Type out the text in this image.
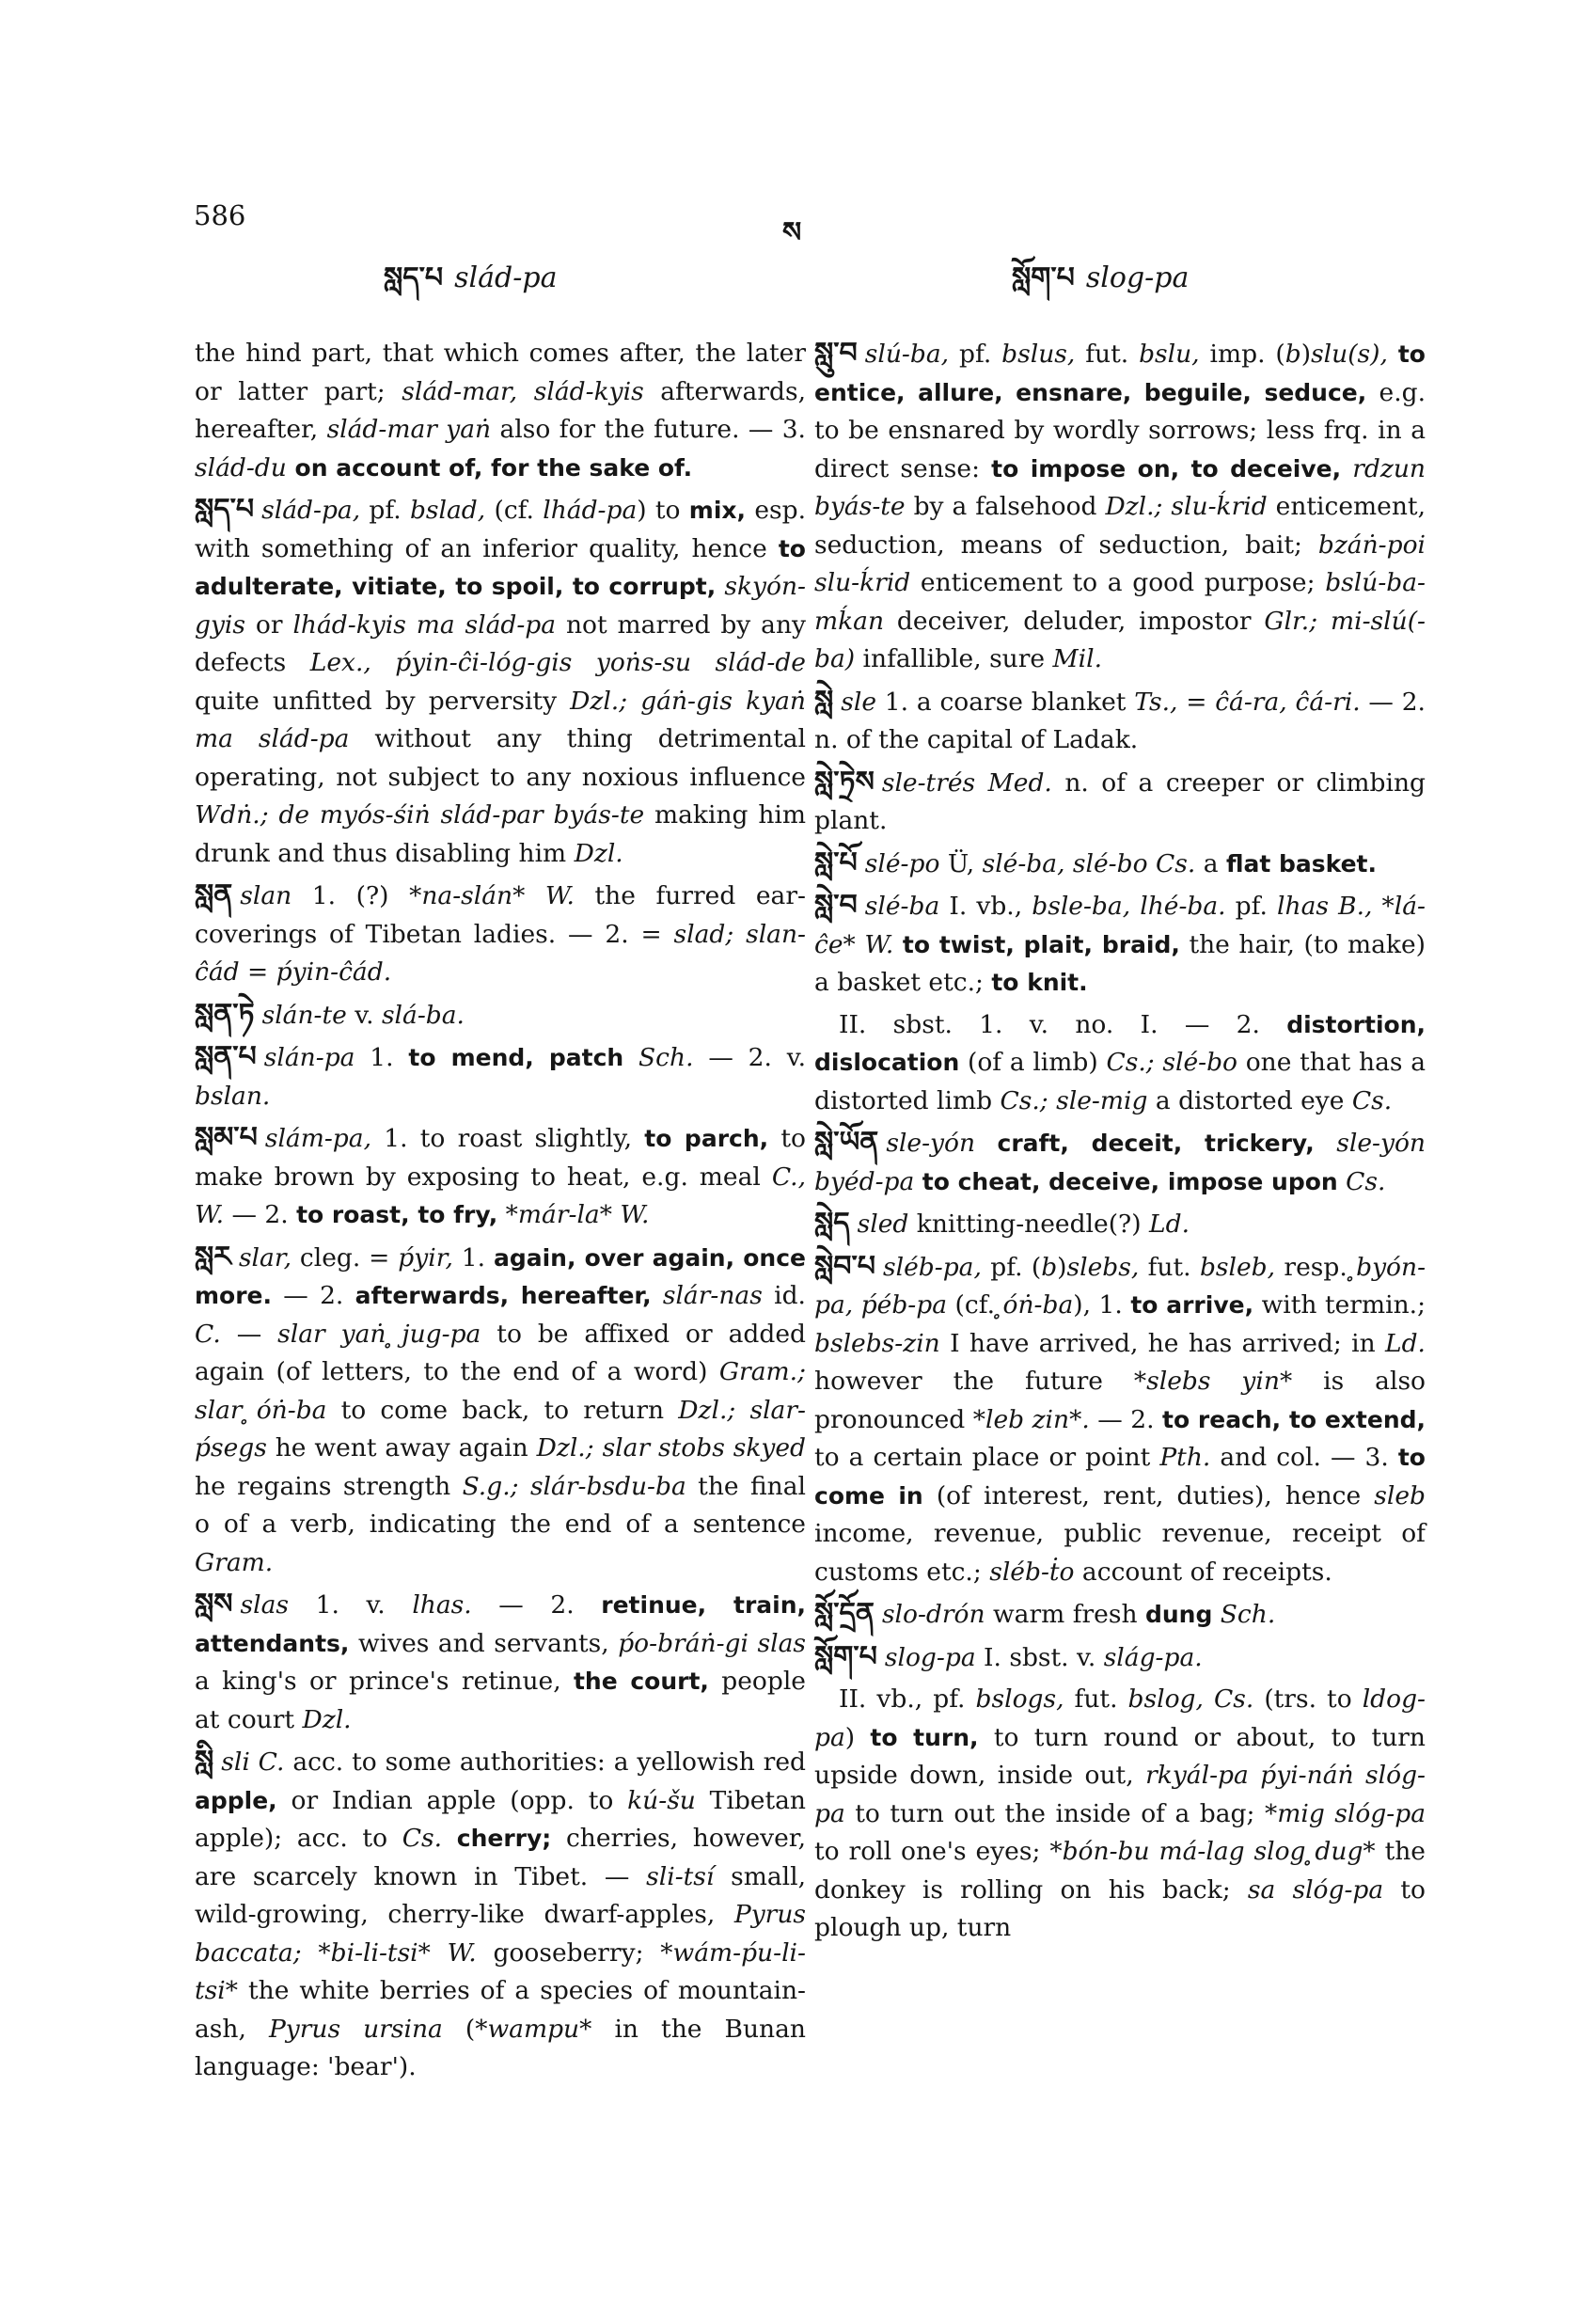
586
ས
སླད་པ slád-pa	སློག་པ slog-pa

the hind part, that which comes after, the later or latter part; slád-mar, slád-kyis afterwards, hereafter, slád-mar yaṅ also for the future. — 3. slád-du on account of, for the sake of.

སླད་པ slád-pa, pf. bslad, (cf. lhád-pa) to mix, esp. with something of an inferior quality, hence to adulterate, vitiate, to spoil, to corrupt, skyón-gyis or lhád-kyis ma slád-pa not marred by any defects Lex., ṕyin-ĉi-lóg-gis yoṅs-su slád-de quite unfitted by perversity Dzl.; gáṅ-gis kyaṅ ma slád-pa without any thing detrimental operating, not subject to any noxious influence Wdṅ.; de myós-śiṅ slád-par byás-te making him drunk and thus disabling him Dzl.

སླན slan 1. (?) *na-slán* W. the furred ear-coverings of Tibetan ladies. — 2. = slad; slan-ĉád = ṕyin-ĉád.

སླན་ཏེ slán-te v. slá-ba.

སླན་པ slán-pa 1. to mend, patch Sch. — 2. v. bslan.

སླམ་པ slám-pa, 1. to roast slightly, to parch, to make brown by exposing to heat, e.g. meal C., W. — 2. to roast, to fry, *már-la* W.

སླར slar, cleg. = ṕyir, 1. again, over again, once more. — 2. afterwards, hereafter, slár-nas id. C. — slar yaṅ ̥jug-pa to be affixed or added again (of letters, to the end of a word) Gram.; slar ̥óṅ-ba to come back, to return Dzl.; slar-ṕsegs he went away again Dzl.; slar stobs skyed he regains strength S.g.; slár-bsdu-ba the final o of a verb, indicating the end of a sentence Gram.

སླས slas 1. v. lhas. — 2. retinue, train, attendants, wives and servants, ṕo-bráṅ-gi slas a king's or prince's retinue, the court, people at court Dzl.

སླི sli C. acc. to some authorities: a yellowish red apple, or Indian apple (opp. to kú-šu Tibetan apple); acc. to Cs. cherry; cherries, however, are scarcely known in Tibet. — sli-tsí small, wild-growing, cherry-like dwarf-apples, Pyrus baccata; *bi-li-tsi* W. gooseberry; *wám-ṕu-li-tsi* the white berries of a species of mountain-ash, Pyrus ursina (*wampu* in the Bunan language: 'bear').

སླུ་བ slú-ba, pf. bslus, fut. bslu, imp. (b)slu(s), to entice, allure, ensnare, beguile, seduce, e.g. to be ensnared by wordly sorrows; less frq. in a direct sense: to impose on, to deceive, rdzun byás-te by a falsehood Dzl.; slu-ḱrid enticement, seduction, means of seduction, bait; bzáṅ-poi slu-ḱrid enticement to a good purpose; bslú-ba-mḱan deceiver, deluder, impostor Glr.; mi-slú(-ba) infallible, sure Mil.

སླེ sle 1. a coarse blanket Ts., = ĉá-ra, ĉá-ri. — 2. n. of the capital of Ladak.

སླེ་ཏྲེས sle-trés Med. n. of a creeper or climbing plant.

སླེ་པོ slé-po Ü, slé-ba, slé-bo Cs. a flat basket.

སླེ་བ slé-ba I. vb., bsle-ba, lhé-ba. pf. lhas B., *lá-ĉe* W. to twist, plait, braid, the hair, (to make) a basket etc.; to knit.

II. sbst. 1. v. no. I. — 2. distortion, dislocation (of a limb) Cs.; slé-bo one that has a distorted limb Cs.; sle-mig a distorted eye Cs.

སླེ་ཡོན sle-yón craft, deceit, trickery, sle-yón byéd-pa to cheat, deceive, impose upon Cs.

སླེད sled knitting-needle(?) Ld.

སླེབ་པ sléb-pa, pf. (b)slebs, fut. bsleb, resp. ̥byón-pa, ṕéb-pa (cf. ̥óṅ-ba), 1. to arrive, with termin.; bslebs-zin I have arrived, he has arrived; in Ld. however the future *slebs yin* is also pronounced *leb zin*. — 2. to reach, to extend, to a certain place or point Pth. and col. — 3. to come in (of interest, rent, duties), hence sleb income, revenue, public revenue, receipt of customs etc.; sléb-ṫo account of receipts.

སློ་དྲོན slo-drón warm fresh dung Sch.

སློག་པ slog-pa I. sbst. v. slág-pa.

II. vb., pf. bslogs, fut. bslog, Cs. (trs. to ldog-pa) to turn, to turn round or about, to turn upside down, inside out, rkyál-pa ṕyi-náṅ slóg-pa to turn out the inside of a bag; *mig slóg-pa to roll one's eyes; *bón-bu má-lag slog ̥dug* the donkey is rolling on his back; sa slóg-pa to plough up, turn
